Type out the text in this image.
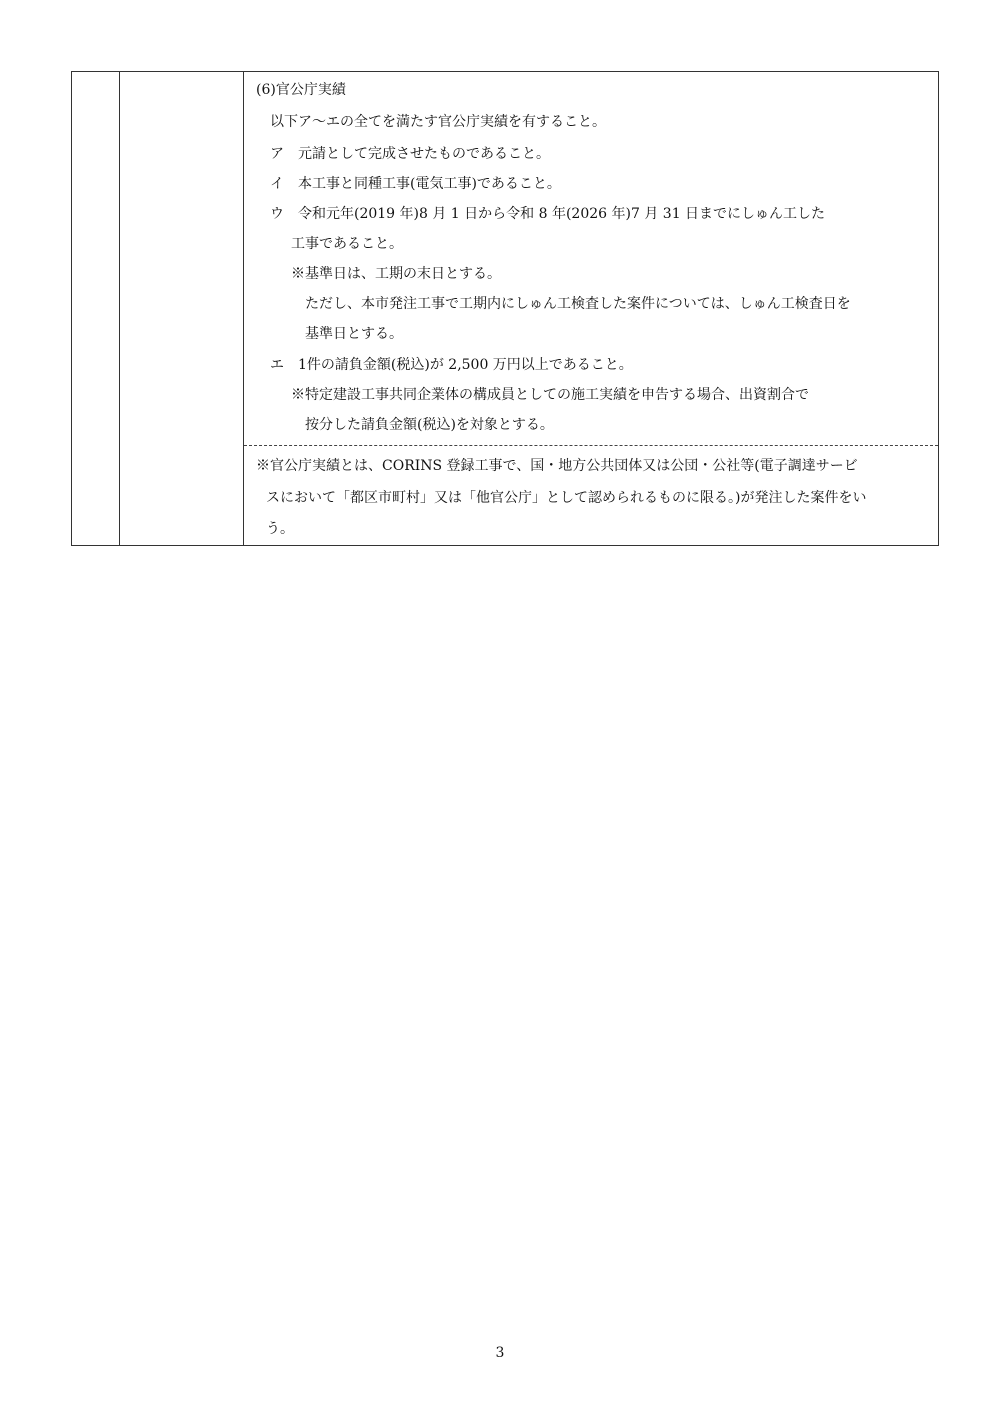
(6)官公庁実績
以下ア～エの全てを満たす官公庁実績を有すること。
ア　元請として完成させたものであること。
イ　本工事と同種工事(電気工事)であること。
ウ　令和元年(2019 年)8 月 1 日から令和 8 年(2026 年)7 月 31 日までにしゅん工した
工事であること。
※基準日は、工期の末日とする。
ただし、本市発注工事で工期内にしゅん工検査した案件については、しゅん工検査日を
基準日とする。
エ　1件の請負金額(税込)が 2,500 万円以上であること。
※特定建設工事共同企業体の構成員としての施工実績を申告する場合、出資割合で
按分した請負金額(税込)を対象とする。
※官公庁実績とは、CORINS 登録工事で、国・地方公共団体又は公団・公社等(電子調達サービ
スにおいて「都区市町村」又は「他官公庁」として認められるものに限る。)が発注した案件をい
う。
3
